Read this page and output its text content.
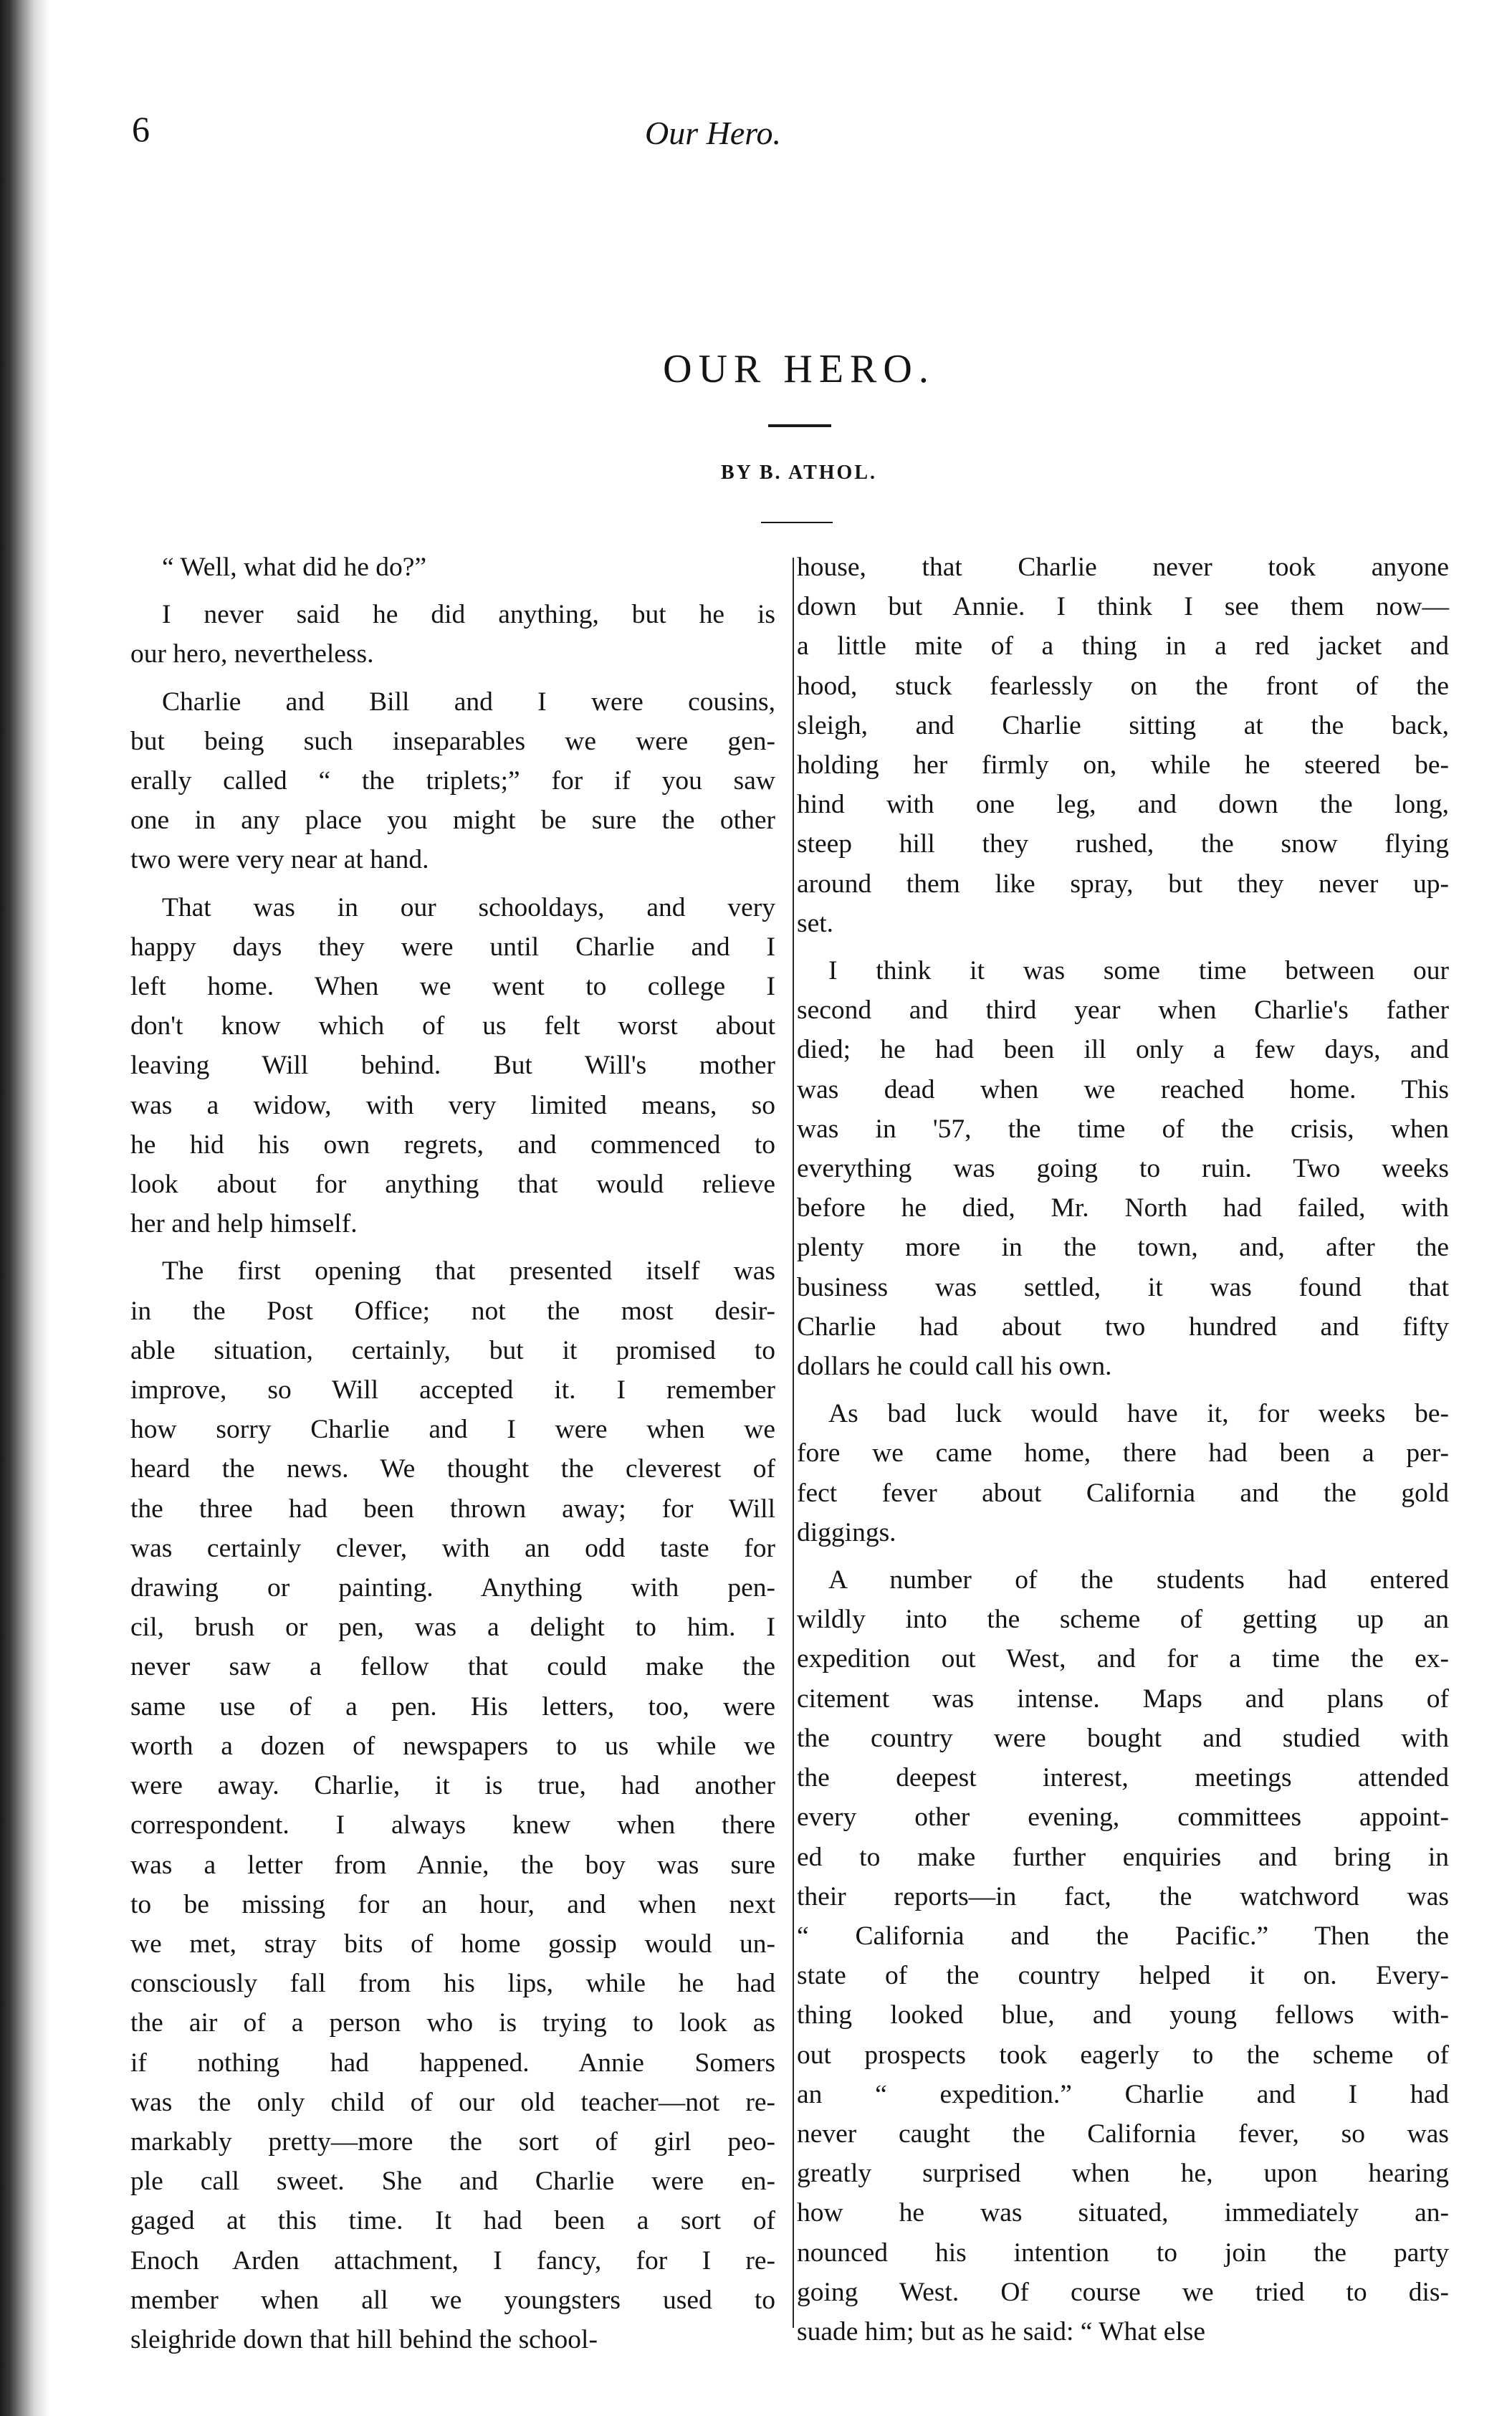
6	Our Hero.
OUR HERO.
BY B. ATHOL.

“ Well, what did he do?”

I never said he did anything, but he is
our hero, nevertheless.

Charlie and Bill and I were cousins,
but being such inseparables we were gen-
erally called “ the triplets;” for if you saw
one in any place you might be sure the other
two were very near at hand.

That was in our schooldays, and very
happy days they were until Charlie and I
left home. When we went to college I
don't know which of us felt worst about
leaving Will behind. But Will's mother
was a widow, with very limited means, so
he hid his own regrets, and commenced to
look about for anything that would relieve
her and help himself.

The first opening that presented itself was
in the Post Office; not the most desir-
able situation, certainly, but it promised to
improve, so Will accepted it. I remember
how sorry Charlie and I were when we
heard the news. We thought the cleverest of
the three had been thrown away; for Will
was certainly clever, with an odd taste for
drawing or painting. Anything with pen-
cil, brush or pen, was a delight to him. I
never saw a fellow that could make the
same use of a pen. His letters, too, were
worth a dozen of newspapers to us while we
were away. Charlie, it is true, had another
correspondent. I always knew when there
was a letter from Annie, the boy was sure
to be missing for an hour, and when next
we met, stray bits of home gossip would un-
consciously fall from his lips, while he had
the air of a person who is trying to look as
if nothing had happened. Annie Somers
was the only child of our old teacher—not re-
markably pretty—more the sort of girl peo-
ple call sweet. She and Charlie were en-
gaged at this time. It had been a sort of
Enoch Arden attachment, I fancy, for I re-
member when all we youngsters used to
sleighride down that hill behind the school-

house, that Charlie never took anyone
down but Annie. I think I see them now—
a little mite of a thing in a red jacket and
hood, stuck fearlessly on the front of the
sleigh, and Charlie sitting at the back,
holding her firmly on, while he steered be-
hind with one leg, and down the long,
steep hill they rushed, the snow flying
around them like spray, but they never up-
set.

I think it was some time between our
second and third year when Charlie's father
died; he had been ill only a few days, and
was dead when we reached home. This
was in '57, the time of the crisis, when
everything was going to ruin. Two weeks
before he died, Mr. North had failed, with
plenty more in the town, and, after the
business was settled, it was found that
Charlie had about two hundred and fifty
dollars he could call his own.

As bad luck would have it, for weeks be-
fore we came home, there had been a per-
fect fever about California and the gold
diggings.

A number of the students had entered
wildly into the scheme of getting up an
expedition out West, and for a time the ex-
citement was intense. Maps and plans of
the country were bought and studied with
the deepest interest, meetings attended
every other evening, committees appoint-
ed to make further enquiries and bring in
their reports—in fact, the watchword was
“ California and the Pacific.” Then the
state of the country helped it on. Every-
thing looked blue, and young fellows with-
out prospects took eagerly to the scheme of
an “ expedition.” Charlie and I had
never caught the California fever, so was
greatly surprised when he, upon hearing
how he was situated, immediately an-
nounced his intention to join the party
going West. Of course we tried to dis-
suade him; but as he said: “ What else
